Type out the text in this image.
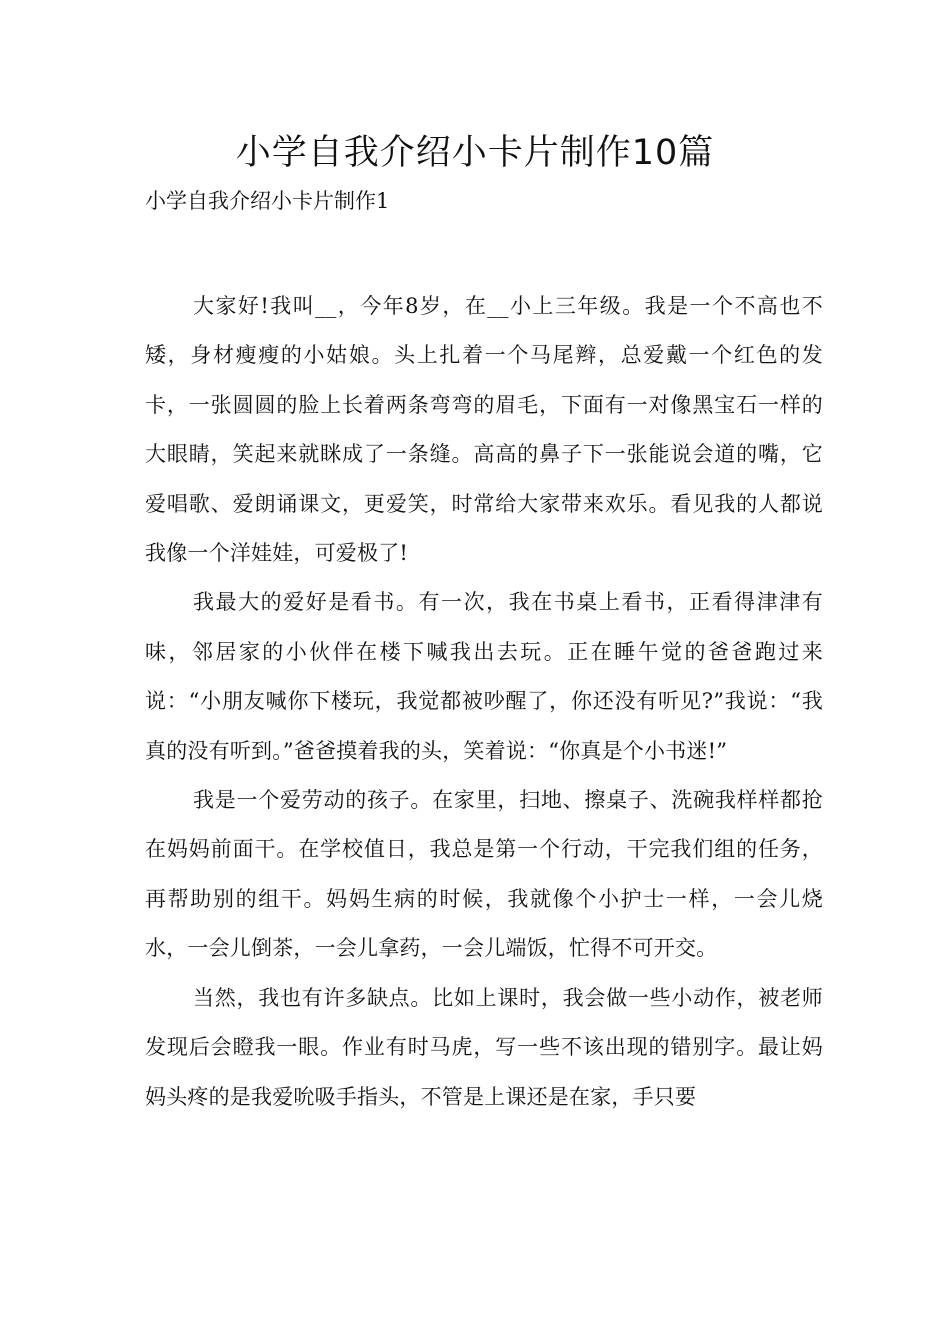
小学自我介绍小卡片制作10篇

小学自我介绍小卡片制作1

大家好!我叫__，今年8岁，在__小上三年级。我是一个不高也不矮，身材瘦瘦的小姑娘。头上扎着一个马尾辫，总爱戴一个红色的发卡，一张圆圆的脸上长着两条弯弯的眉毛，下面有一对像黑宝石一样的大眼睛，笑起来就眯成了一条缝。高高的鼻子下一张能说会道的嘴，它爱唱歌、爱朗诵课文，更爱笑，时常给大家带来欢乐。看见我的人都说我像一个洋娃娃，可爱极了!

我最大的爱好是看书。有一次，我在书桌上看书，正看得津津有味，邻居家的小伙伴在楼下喊我出去玩。正在睡午觉的爸爸跑过来说：“小朋友喊你下楼玩，我觉都被吵醒了，你还没有听见?”我说：“我真的没有听到。”爸爸摸着我的头，笑着说：“你真是个小书迷!”

我是一个爱劳动的孩子。在家里，扫地、擦桌子、洗碗我样样都抢在妈妈前面干。在学校值日，我总是第一个行动，干完我们组的任务，再帮助别的组干。妈妈生病的时候，我就像个小护士一样，一会儿烧水，一会儿倒茶，一会儿拿药，一会儿端饭，忙得不可开交。

当然，我也有许多缺点。比如上课时，我会做一些小动作，被老师发现后会瞪我一眼。作业有时马虎，写一些不该出现的错别字。最让妈妈头疼的是我爱吮吸手指头，不管是上课还是在家，手只要
